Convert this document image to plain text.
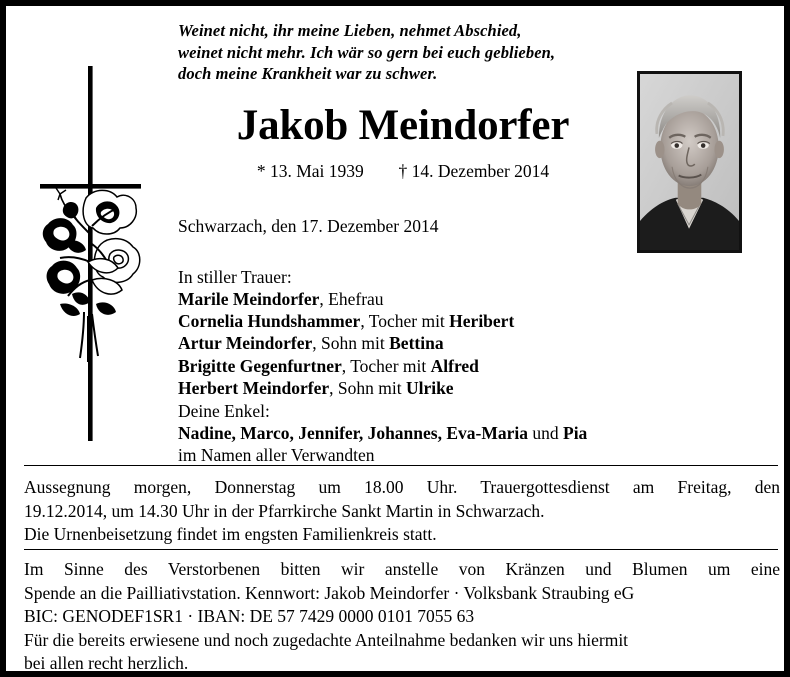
Weinet nicht, ihr meine Lieben, nehmet Abschied,
weinet nicht mehr. Ich wär so gern bei euch geblieben,
doch meine Krankheit war zu schwer.
Jakob Meindorfer
* 13. Mai 1939 † 14. Dezember 2014
Schwarzach, den 17. Dezember 2014
In stiller Trauer:
Marile Meindorfer, Ehefrau
Cornelia Hundshammer, Tocher mit Heribert
Artur Meindorfer, Sohn mit Bettina
Brigitte Gegenfurtner, Tocher mit Alfred
Herbert Meindorfer, Sohn mit Ulrike
Deine Enkel:
Nadine, Marco, Jennifer, Johannes, Eva-Maria und Pia
im Namen aller Verwandten
Aussegnung morgen, Donnerstag um 18.00 Uhr. Trauergottesdienst am Freitag, den
19.12.2014, um 14.30 Uhr in der Pfarrkirche Sankt Martin in Schwarzach.
Die Urnenbeisetzung findet im engsten Familienkreis statt.
Im Sinne des Verstorbenen bitten wir anstelle von Kränzen und Blumen um eine
Spende an die Pailliativstation. Kennwort: Jakob Meindorfer · Volksbank Straubing eG
BIC: GENODEF1SR1 · IBAN: DE 57 7429 0000 0101 7055 63
Für die bereits erwiesene und noch zugedachte Anteilnahme bedanken wir uns hiermit
bei allen recht herzlich.
